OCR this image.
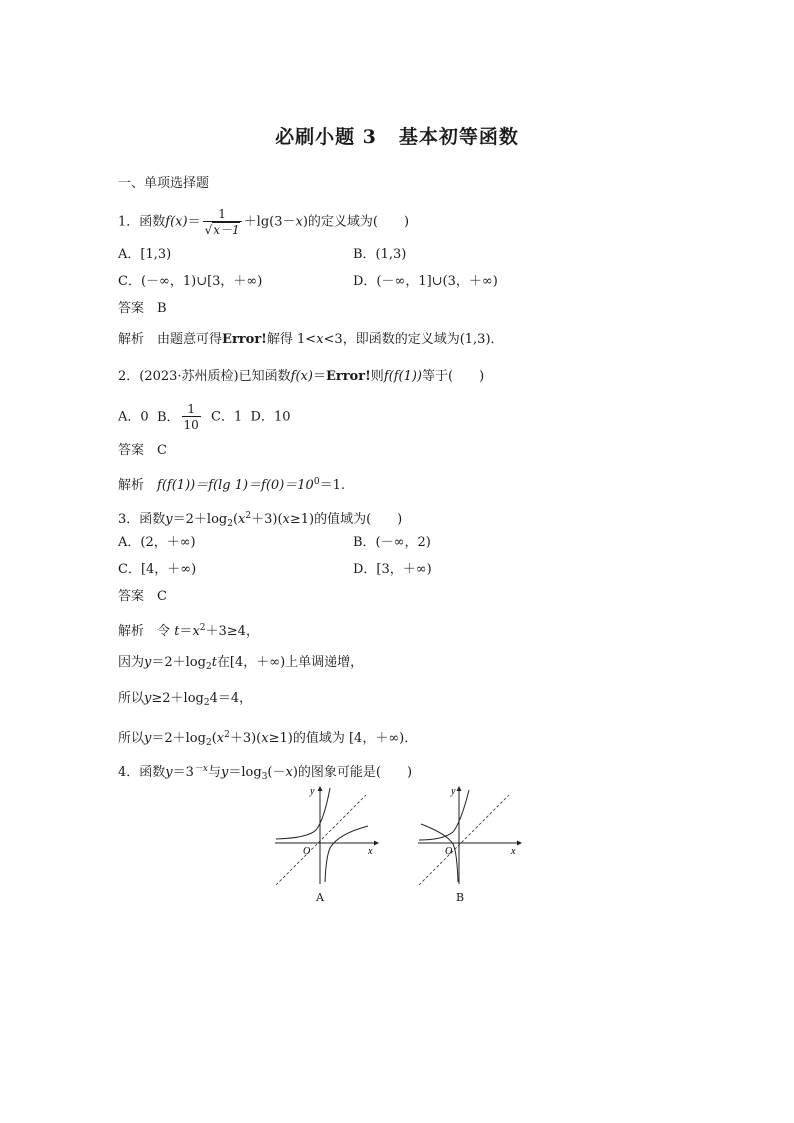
必刷小题 3 基本初等函数
一、单项选择题
1．函数$f(x)= \frac{1}{√x-1} +\lg(3-x)$的定义域为(　　)
A．[1,3)	B．(1,3)
C．(－∞，1)∪[3，＋∞)	D．(－∞，1]∪(3，＋∞)
答案　B
解析　 由题意可得Error!解得 1<x<3，即函数的定义域为(1,3)．
2．(2023·苏州质检)已知函数f(x)＝Error!则f(f(1))等于(　　)
A．0 B． $\frac{1}{10}$ C．1 D．10
答案　C
解析　 f(f(1))＝f(lg $1)=f(0)=10^0=1$.
3．函数$y=2+\log_2(x^2+3)(x\ge 1)$的值域为(　　)
A．(2，＋∞)	B．(－∞，2)
C．[4，＋∞)	D．[3，＋∞)
答案　C
解析　 令 $t=x^2+3\ge 4$，
因为$y=2+\log_2t$在[4，＋∞)上单调递增，
所以$y\ge 2+\log_24=4$，
所以$y=2+\log_2(x^2+3)(x\ge 1)$的值域为 [4，＋∞)．
4．函数$y=3^{-x}$与$y=\log_3(-x)$的图象可能是(　　)
y
x
O
A
y
x
O
B
